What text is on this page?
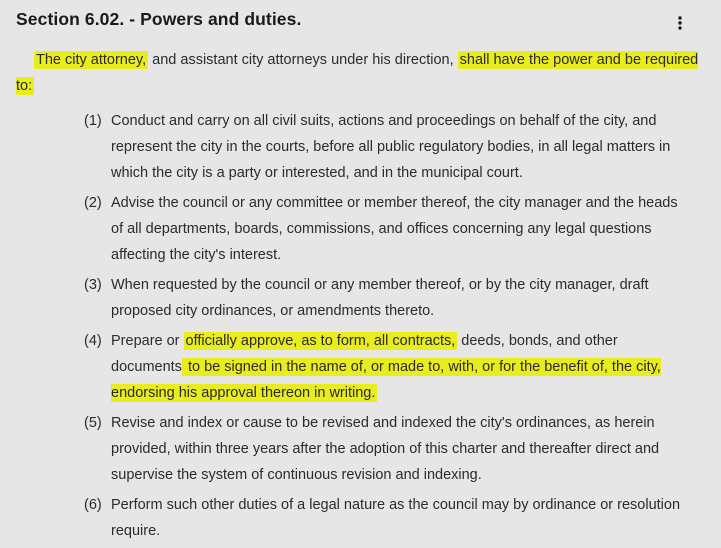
Section 6.02. - Powers and duties.

The city attorney, and assistant city attorneys under his direction, shall have the power and be required to:

(1) Conduct and carry on all civil suits, actions and proceedings on behalf of the city, and represent the city in the courts, before all public regulatory bodies, in all legal matters in which the city is a party or interested, and in the municipal court.
(2) Advise the council or any committee or member thereof, the city manager and the heads of all departments, boards, commissions, and offices concerning any legal questions affecting the city's interest.
(3) When requested by the council or any member thereof, or by the city manager, draft proposed city ordinances, or amendments thereto.
(4) Prepare or officially approve, as to form, all contracts, deeds, bonds, and other documents to be signed in the name of, or made to, with, or for the benefit of, the city, endorsing his approval thereon in writing.
(5) Revise and index or cause to be revised and indexed the city's ordinances, as herein provided, within three years after the adoption of this charter and thereafter direct and supervise the system of continuous revision and indexing.
(6) Perform such other duties of a legal nature as the council may by ordinance or resolution require.
